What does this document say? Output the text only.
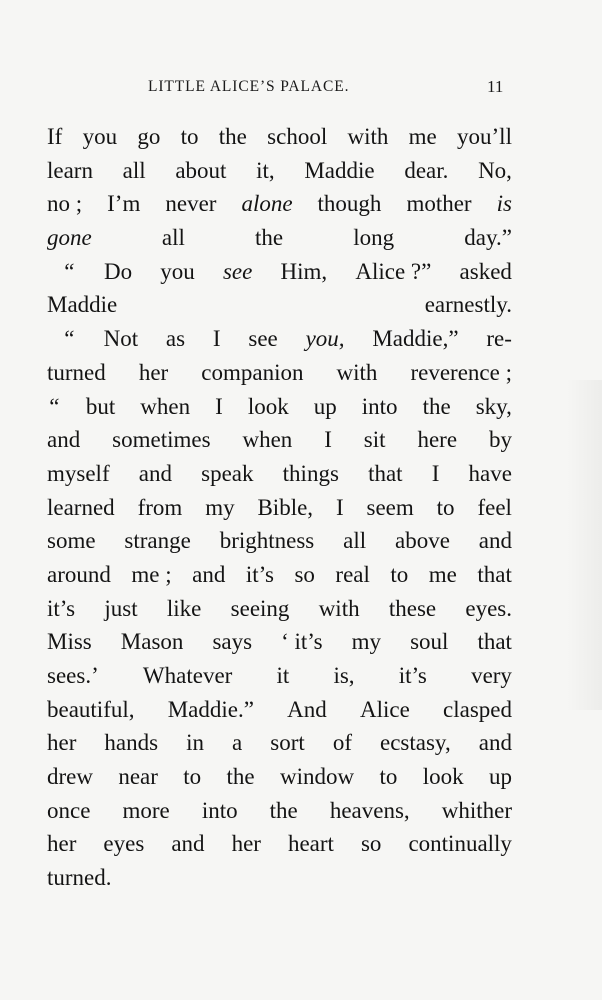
LITTLE ALICE’S PALACE.	11
If you go to the school with me you’ll
learn all about it, Maddie dear. No,
no ; I’m never alone though mother is
gone	all	the	long	day.”
“ Do you see Him, Alice ?” asked
Maddie	earnestly.
“ Not as I see you, Maddie,” re-
turned her companion with reverence ;
“ but when I look up into the sky,
and sometimes when I sit here by
myself and speak things that I have
learned from my Bible, I seem to feel
some strange brightness all above and
around me ; and it’s so real to me that
it’s just like seeing with these eyes.
Miss Mason says ‘ it’s my soul that
sees.’ Whatever it is, it’s very
beautiful, Maddie.” And Alice clasped
her hands in a sort of ecstasy, and
drew near to the window to look up
once more into the heavens, whither
her eyes and her heart so continually
turned.
